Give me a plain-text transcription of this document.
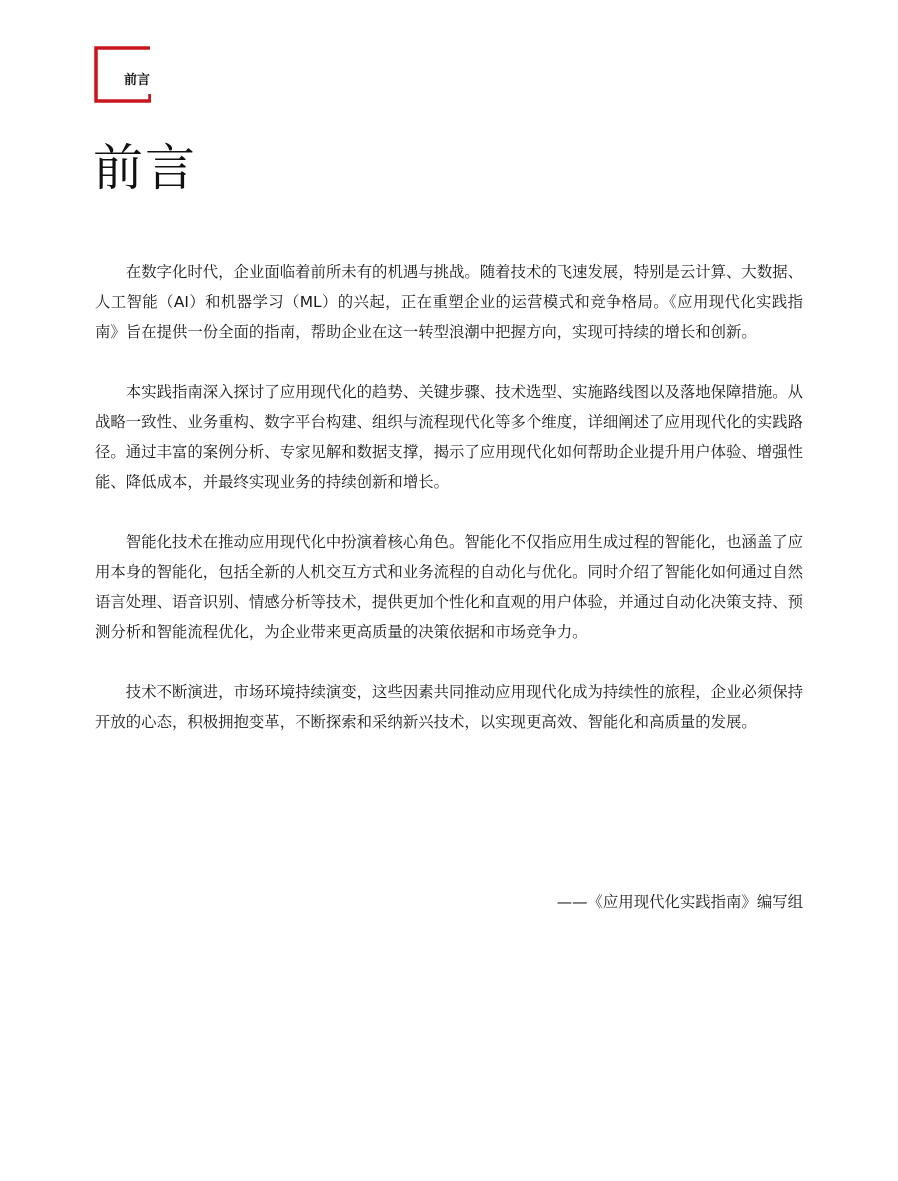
前言
前言

在数字化时代，企业面临着前所未有的机遇与挑战。随着技术的飞速发展，特别是云计算、大数据、人工智能（AI）和机器学习（ML）的兴起，正在重塑企业的运营模式和竞争格局。《应用现代化实践指南》旨在提供一份全面的指南，帮助企业在这一转型浪潮中把握方向，实现可持续的增长和创新。

本实践指南深入探讨了应用现代化的趋势、关键步骤、技术选型、实施路线图以及落地保障措施。从战略一致性、业务重构、数字平台构建、组织与流程现代化等多个维度，详细阐述了应用现代化的实践路径。通过丰富的案例分析、专家见解和数据支撑，揭示了应用现代化如何帮助企业提升用户体验、增强性能、降低成本，并最终实现业务的持续创新和增长。

智能化技术在推动应用现代化中扮演着核心角色。智能化不仅指应用生成过程的智能化，也涵盖了应用本身的智能化，包括全新的人机交互方式和业务流程的自动化与优化。同时介绍了智能化如何通过自然语言处理、语音识别、情感分析等技术，提供更加个性化和直观的用户体验，并通过自动化决策支持、预测分析和智能流程优化，为企业带来更高质量的决策依据和市场竞争力。

技术不断演进，市场环境持续演变，这些因素共同推动应用现代化成为持续性的旅程，企业必须保持开放的心态，积极拥抱变革，不断探索和采纳新兴技术，以实现更高效、智能化和高质量的发展。

——《应用现代化实践指南》编写组
